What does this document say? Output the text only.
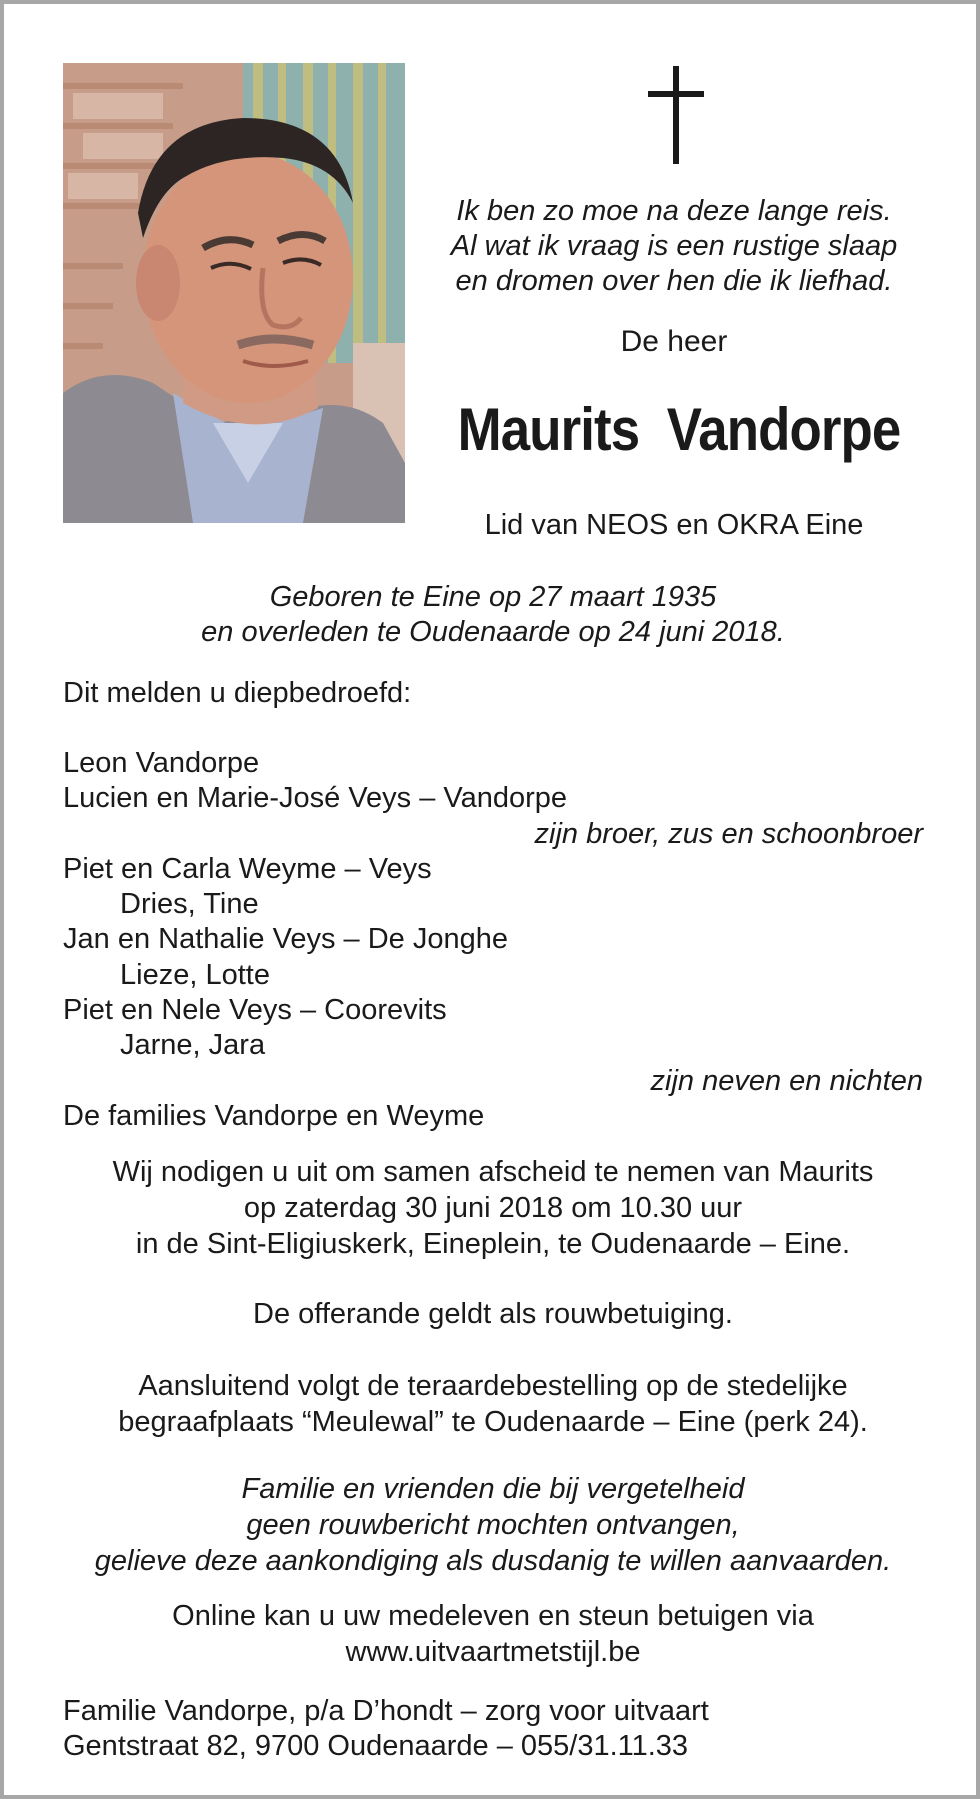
Ik ben zo moe na deze lange reis.
Al wat ik vraag is een rustige slaap
en dromen over hen die ik liefhad.

De heer

Maurits  Vandorpe

Lid van NEOS en OKRA Eine

Geboren te Eine op 27 maart 1935
en overleden te Oudenaarde op 24 juni 2018.

Dit melden u diepbedroefd:

Leon Vandorpe
Lucien en Marie-José Veys – Vandorpe
zijn broer, zus en schoonbroer
Piet en Carla Weyme – Veys
Dries, Tine
Jan en Nathalie Veys – De Jonghe
Lieze, Lotte
Piet en Nele Veys – Coorevits
Jarne, Jara
zijn neven en nichten
De families Vandorpe en Weyme
Wij nodigen u uit om samen afscheid te nemen van Maurits
op zaterdag 30 juni 2018 om 10.30 uur
in de Sint-Eligiuskerk, Eineplein, te Oudenaarde – Eine.

De offerande geldt als rouwbetuiging.

Aansluitend volgt de teraardebestelling op de stedelijke
begraafplaats “Meulewal” te Oudenaarde – Eine (perk 24).
Familie en vrienden die bij vergetelheid
geen rouwbericht mochten ontvangen,
gelieve deze aankondiging als dusdanig te willen aanvaarden.
Online kan u uw medeleven en steun betuigen via
www.uitvaartmetstijl.be
Familie Vandorpe, p/a D’hondt – zorg voor uitvaart
Gentstraat 82, 9700 Oudenaarde – 055/31.11.33
